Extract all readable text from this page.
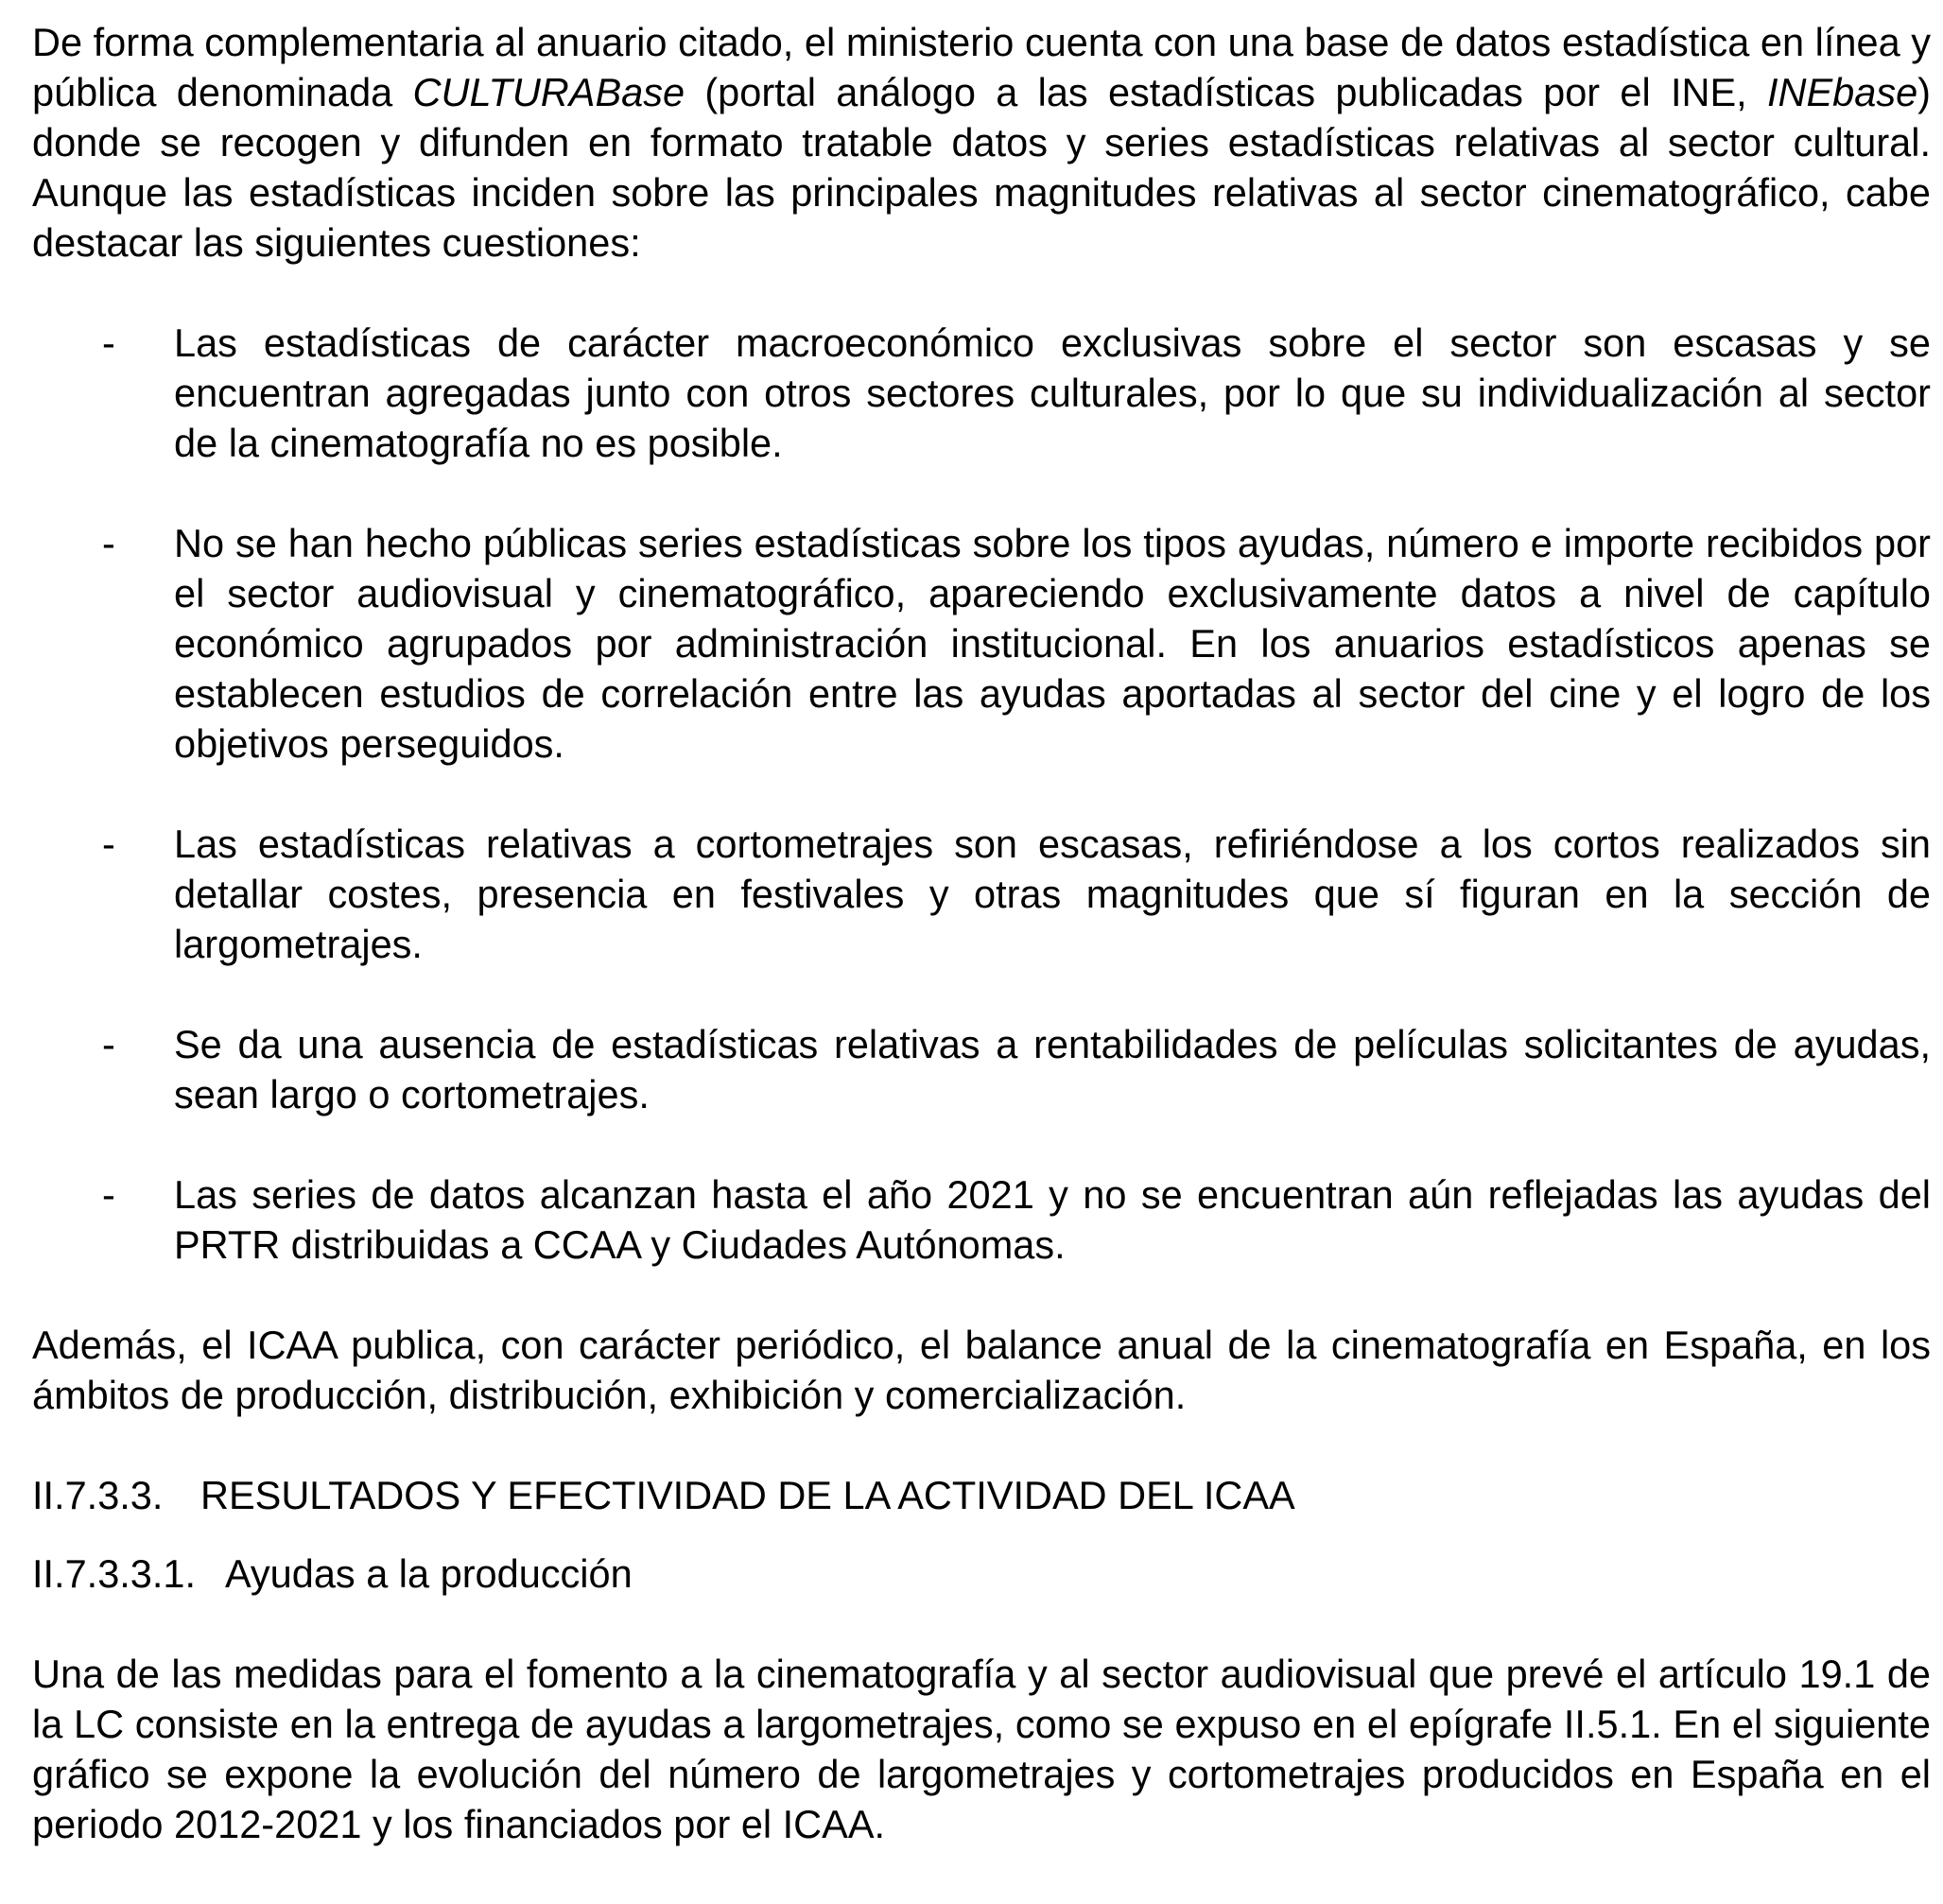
De forma complementaria al anuario citado, el ministerio cuenta con una base de datos estadística en línea y pública denominada CULTURABase (portal análogo a las estadísticas publicadas por el INE, INEbase) donde se recogen y difunden en formato tratable datos y series estadísticas relativas al sector cultural. Aunque las estadísticas inciden sobre las principales magnitudes relativas al sector cinematográfico, cabe destacar las siguientes cuestiones:

- Las estadísticas de carácter macroeconómico exclusivas sobre el sector son escasas y se encuentran agregadas junto con otros sectores culturales, por lo que su individualización al sector de la cinematografía no es posible.
- No se han hecho públicas series estadísticas sobre los tipos ayudas, número e importe recibidos por el sector audiovisual y cinematográfico, apareciendo exclusivamente datos a nivel de capítulo económico agrupados por administración institucional. En los anuarios estadísticos apenas se establecen estudios de correlación entre las ayudas aportadas al sector del cine y el logro de los objetivos perseguidos.
- Las estadísticas relativas a cortometrajes son escasas, refiriéndose a los cortos realizados sin detallar costes, presencia en festivales y otras magnitudes que sí figuran en la sección de largometrajes.
- Se da una ausencia de estadísticas relativas a rentabilidades de películas solicitantes de ayudas, sean largo o cortometrajes.
- Las series de datos alcanzan hasta el año 2021 y no se encuentran aún reflejadas las ayudas del PRTR distribuidas a CCAA y Ciudades Autónomas.

Además, el ICAA publica, con carácter periódico, el balance anual de la cinematografía en España, en los ámbitos de producción, distribución, exhibición y comercialización.

II.7.3.3. RESULTADOS Y EFECTIVIDAD DE LA ACTIVIDAD DEL ICAA
II.7.3.3.1. Ayudas a la producción

Una de las medidas para el fomento a la cinematografía y al sector audiovisual que prevé el artículo 19.1 de la LC consiste en la entrega de ayudas a largometrajes, como se expuso en el epígrafe II.5.1. En el siguiente gráfico se expone la evolución del número de largometrajes y cortometrajes producidos en España en el periodo 2012-2021 y los financiados por el ICAA.
